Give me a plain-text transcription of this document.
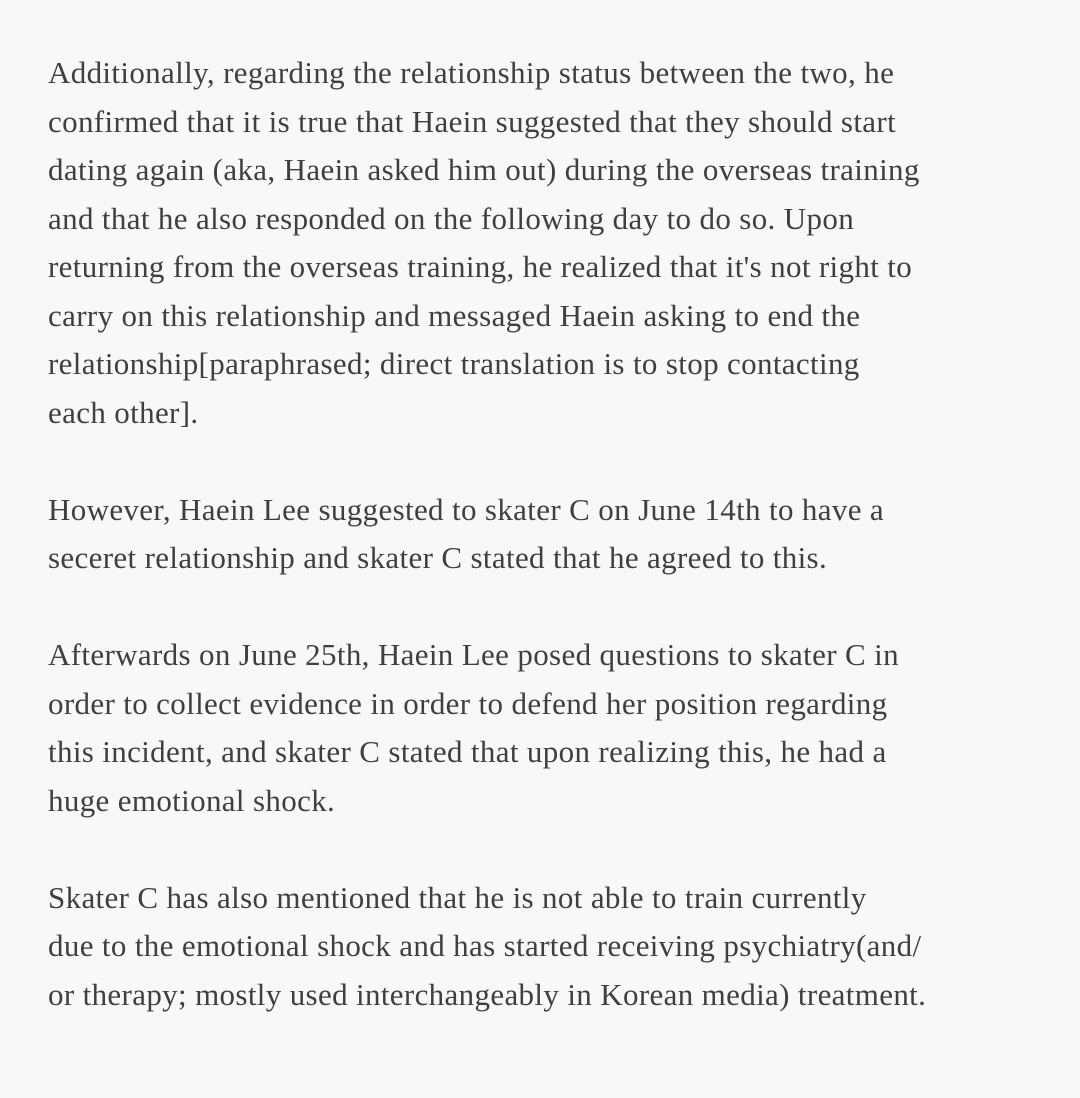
Additionally, regarding the relationship status between the two, he
confirmed that it is true that Haein suggested that they should start
dating again (aka, Haein asked him out) during the overseas training
and that he also responded on the following day to do so. Upon
returning from the overseas training, he realized that it's not right to
carry on this relationship and messaged Haein asking to end the
relationship[paraphrased; direct translation is to stop contacting
each other].

However, Haein Lee suggested to skater C on June 14th to have a
seceret relationship and skater C stated that he agreed to this.

Afterwards on June 25th, Haein Lee posed questions to skater C in
order to collect evidence in order to defend her position regarding
this incident, and skater C stated that upon realizing this, he had a
huge emotional shock.

Skater C has also mentioned that he is not able to train currently
due to the emotional shock and has started receiving psychiatry(and/
or therapy; mostly used interchangeably in Korean media) treatment.
